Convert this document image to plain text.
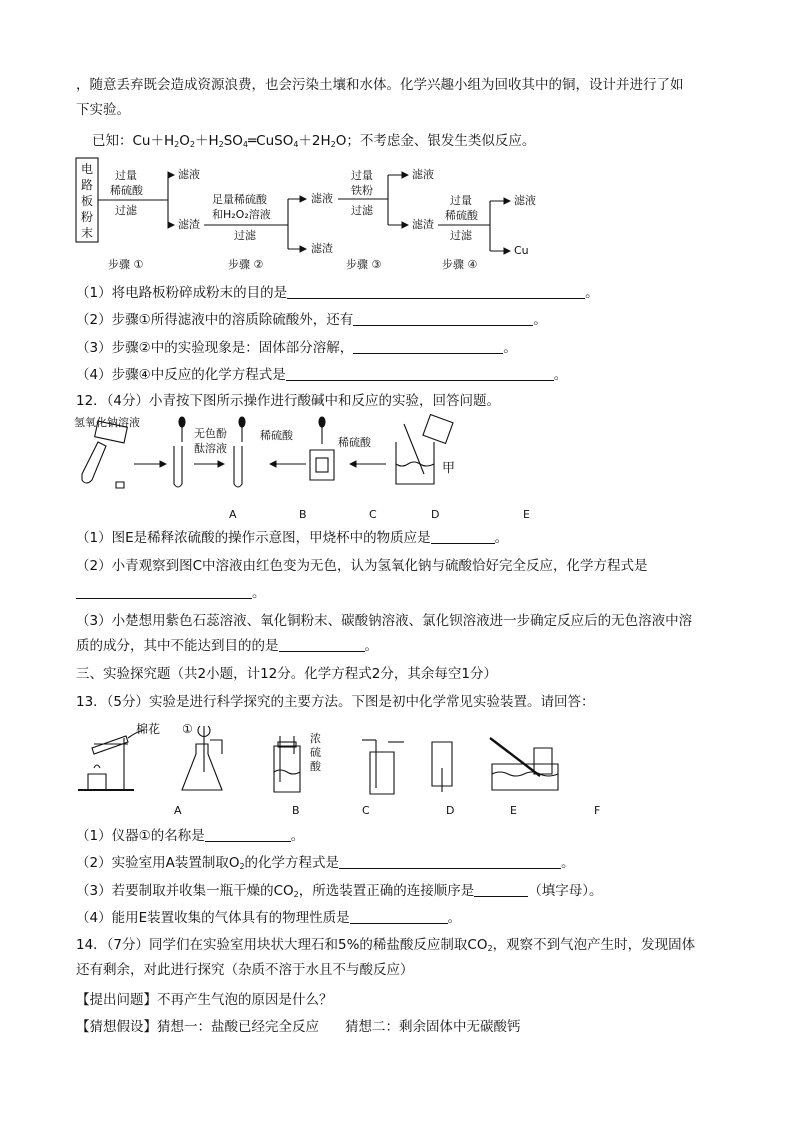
，随意丢弃既会造成资源浪费，也会污染土壤和水体。化学兴趣小组为回收其中的铜，设计并进行了如
下实验。
已知：$Cu+H_2O_2+H_2SO_4═CuSO_4+2H_2O$；不考虑金、银发生类似反应。
电路板粉末
过量
稀硫酸
过滤
滤液
滤渣
足量稀硫酸
和H₂O₂溶液
过滤
滤液
滤渣
过量
铁粉
过滤
滤液
滤渣
过量
稀硫酸
过滤
滤液
Cu
步骤 ①	步骤 ②	步骤 ③	步骤 ④
（1）将电路板粉碎成粉末的目的是	。
（2）步骤①所得滤液中的溶质除硫酸外，还有	。
（3）步骤②中的实验现象是：固体部分溶解，	。
（4）步骤④中反应的化学方程式是	。
12．（4分）小青按下图所示操作进行酸碱中和反应的实验，回答问题。
氢氧化钠溶液
无色酚
酞溶液
稀硫酸
稀硫酸
甲
A	B	C	D	E
（1）图E是稀释浓硫酸的操作示意图，甲烧杯中的物质应是	。
（2）小青观察到图C中溶液由红色变为无色，认为氢氧化钠与硫酸恰好完全反应，化学方程式是
。
（3）小楚想用紫色石蕊溶液、氧化铜粉末、碳酸钠溶液、氯化钡溶液进一步确定反应后的无色溶液中溶
质的成分，其中不能达到目的的是	。
三、实验探究题（共2小题，计12分。化学方程式2分，其余每空1分）
13．（5分）实验是进行科学探究的主要方法。下图是初中化学常见实验装置。请回答：
棉花 ①
浓
硫
酸
A	B	C	D	E	F
（1）仪器①的名称是	。
（2）实验室用A装置制取$O_2$的化学方程式是	。
（3）若要制取并收集一瓶干燥的$CO_2$，所选装置正确的连接顺序是	（填字母）。
（4）能用E装置收集的气体具有的物理性质是	。
14．（7分）同学们在实验室用块状大理石和5%的稀盐酸反应制取$CO_2$，观察不到气泡产生时，发现固体
还有剩余，对此进行探究（杂质不溶于水且不与酸反应）
【提出问题】不再产生气泡的原因是什么？
【猜想假设】猜想一：盐酸已经完全反应 猜想二：剩余固体中无碳酸钙
